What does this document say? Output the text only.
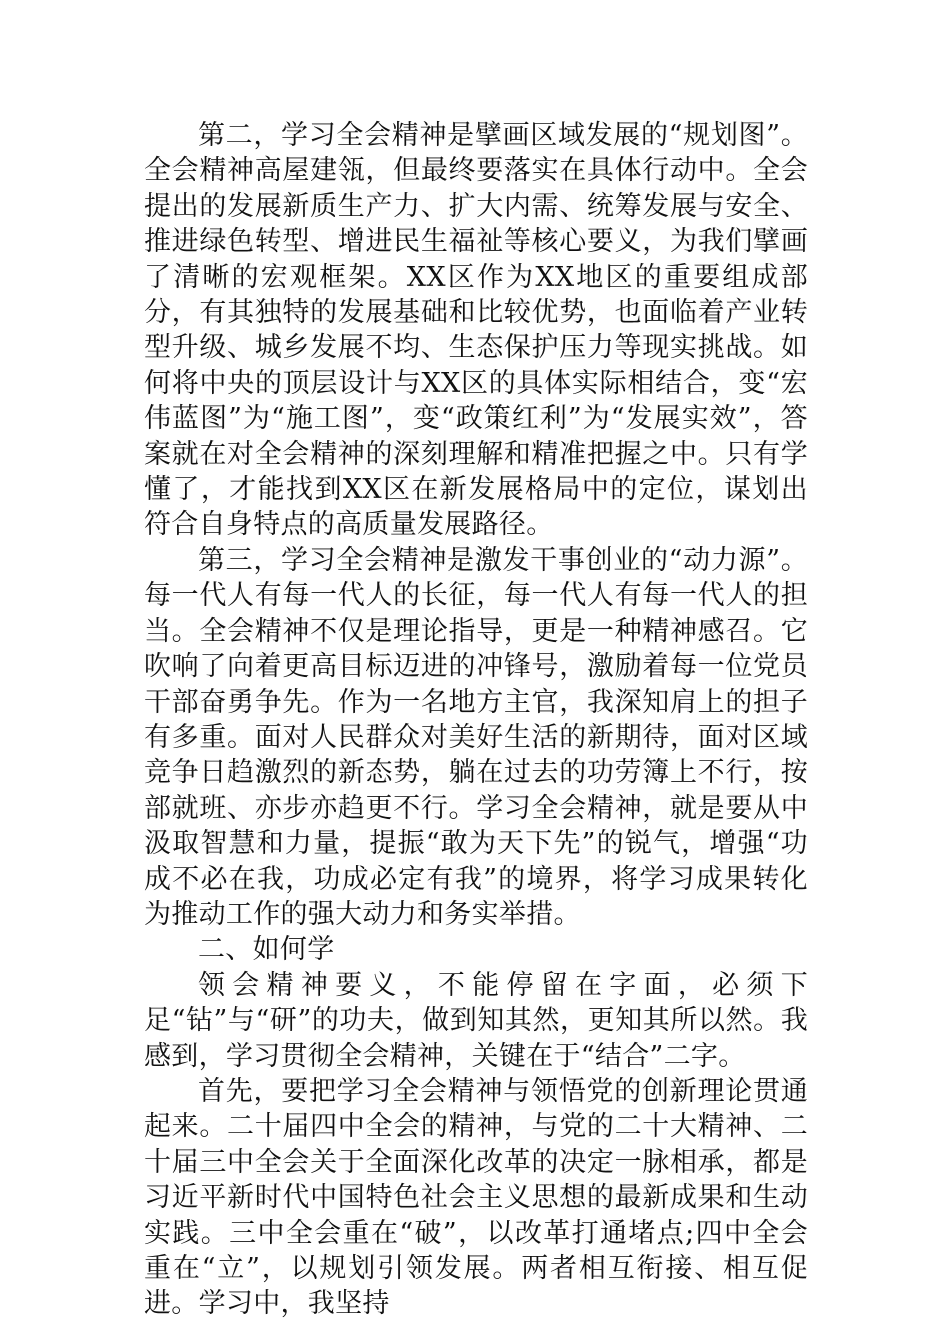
第二，学习全会精神是擘画区域发展的“规划图”。全会精神高屋建瓴，但最终要落实在具体行动中。全会提出的发展新质生产力、扩大内需、统筹发展与安全、推进绿色转型、增进民生福祉等核心要义，为我们擘画了清晰的宏观框架。XX区作为XX地区的重要组成部分，有其独特的发展基础和比较优势，也面临着产业转型升级、城乡发展不均、生态保护压力等现实挑战。如何将中央的顶层设计与XX区的具体实际相结合，变“宏伟蓝图”为“施工图”，变“政策红利”为“发展实效”，答案就在对全会精神的深刻理解和精准把握之中。只有学懂了，才能找到XX区在新发展格局中的定位，谋划出符合自身特点的高质量发展路径。

第三，学习全会精神是激发干事创业的“动力源”。每一代人有每一代人的长征，每一代人有每一代人的担当。全会精神不仅是理论指导，更是一种精神感召。它吹响了向着更高目标迈进的冲锋号，激励着每一位党员干部奋勇争先。作为一名地方主官，我深知肩上的担子有多重。面对人民群众对美好生活的新期待，面对区域竞争日趋激烈的新态势，躺在过去的功劳簿上不行，按部就班、亦步亦趋更不行。学习全会精神，就是要从中汲取智慧和力量，提振“敢为天下先”的锐气，增强“功成不必在我，功成必定有我”的境界，将学习成果转化为推动工作的强大动力和务实举措。

二、如何学

领会精神要义，不能停留在字面，必须下足“钻”与“研”的功夫，做到知其然，更知其所以然。我感到，学习贯彻全会精神，关键在于“结合”二字。

首先，要把学习全会精神与领悟党的创新理论贯通起来。二十届四中全会的精神，与党的二十大精神、二十届三中全会关于全面深化改革的决定一脉相承，都是习近平新时代中国特色社会主义思想的最新成果和生动实践。三中全会重在“破”，以改革打通堵点;四中全会重在“立”，以规划引领发展。两者相互衔接、相互促进。学习中，我坚持
